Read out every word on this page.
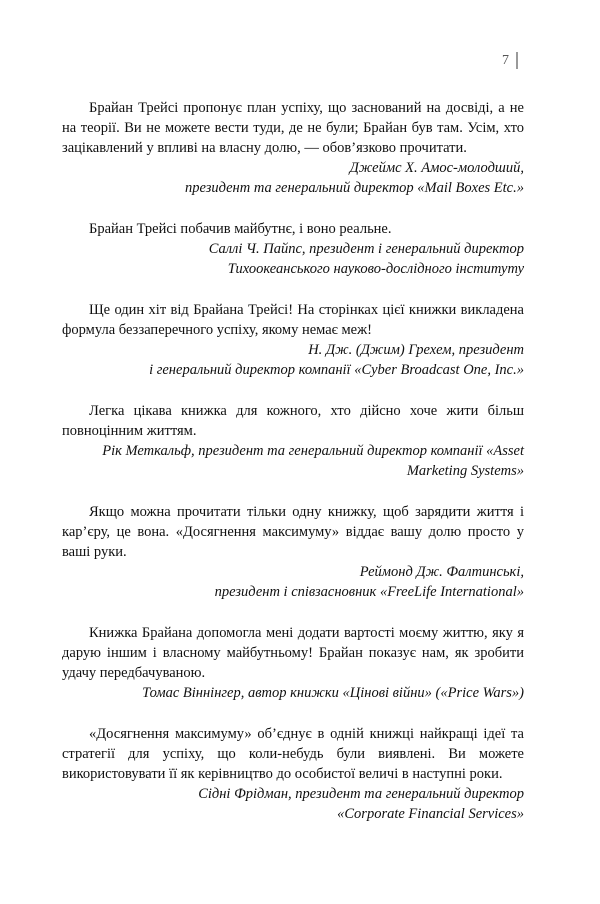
7

Брайан Трейсі пропонує план успіху, що заснований на досвіді, а не на теорії. Ви не можете вести туди, де не були; Брайан був там. Усім, хто зацікавлений у впливі на власну долю, — обов’язково прочитати.

Джеймс Х. Амос-молодший,
президент та генеральний директор «Mail Boxes Etc.»

Брайан Трейсі побачив майбутнє, і воно реальне.

Саллі Ч. Пайпс, президент і генеральний директор
Тихоокеанського науково-дослідного інституту

Ще один хіт від Брайана Трейсі! На сторінках цієї книжки викладена формула беззаперечного успіху, якому немає меж!

Н. Дж. (Джим) Грехем, президент
і генеральний директор компанії «Cyber Broadcast One, Inc.»

Легка цікава книжка для кожного, хто дійсно хоче жити більш повноцінним життям.

Рік Меткальф, президент та генеральний директор компанії «Asset
Marketing Systems»

Якщо можна прочитати тільки одну книжку, щоб зарядити життя і кар’єру, це вона. «Досягнення максимуму» віддає вашу долю просто у ваші руки.

Реймонд Дж. Фалтинські,
президент і співзасновник «FreeLife International»

Книжка Брайана допомогла мені додати вартості моєму життю, яку я дарую іншим і власному майбутньому! Брайан показує нам, як зробити удачу передбачуваною.

Томас Віннінгер, автор книжки «Цінові війни» («Price Wars»)

«Досягнення максимуму» об’єднує в одній книжці найкращі ідеї та стратегії для успіху, що коли-небудь були виявлені. Ви можете використовувати її як керівництво до особистої величі в наступні роки.

Сідні Фрідман, президент та генеральний директор
«Corporate Financial Services»
